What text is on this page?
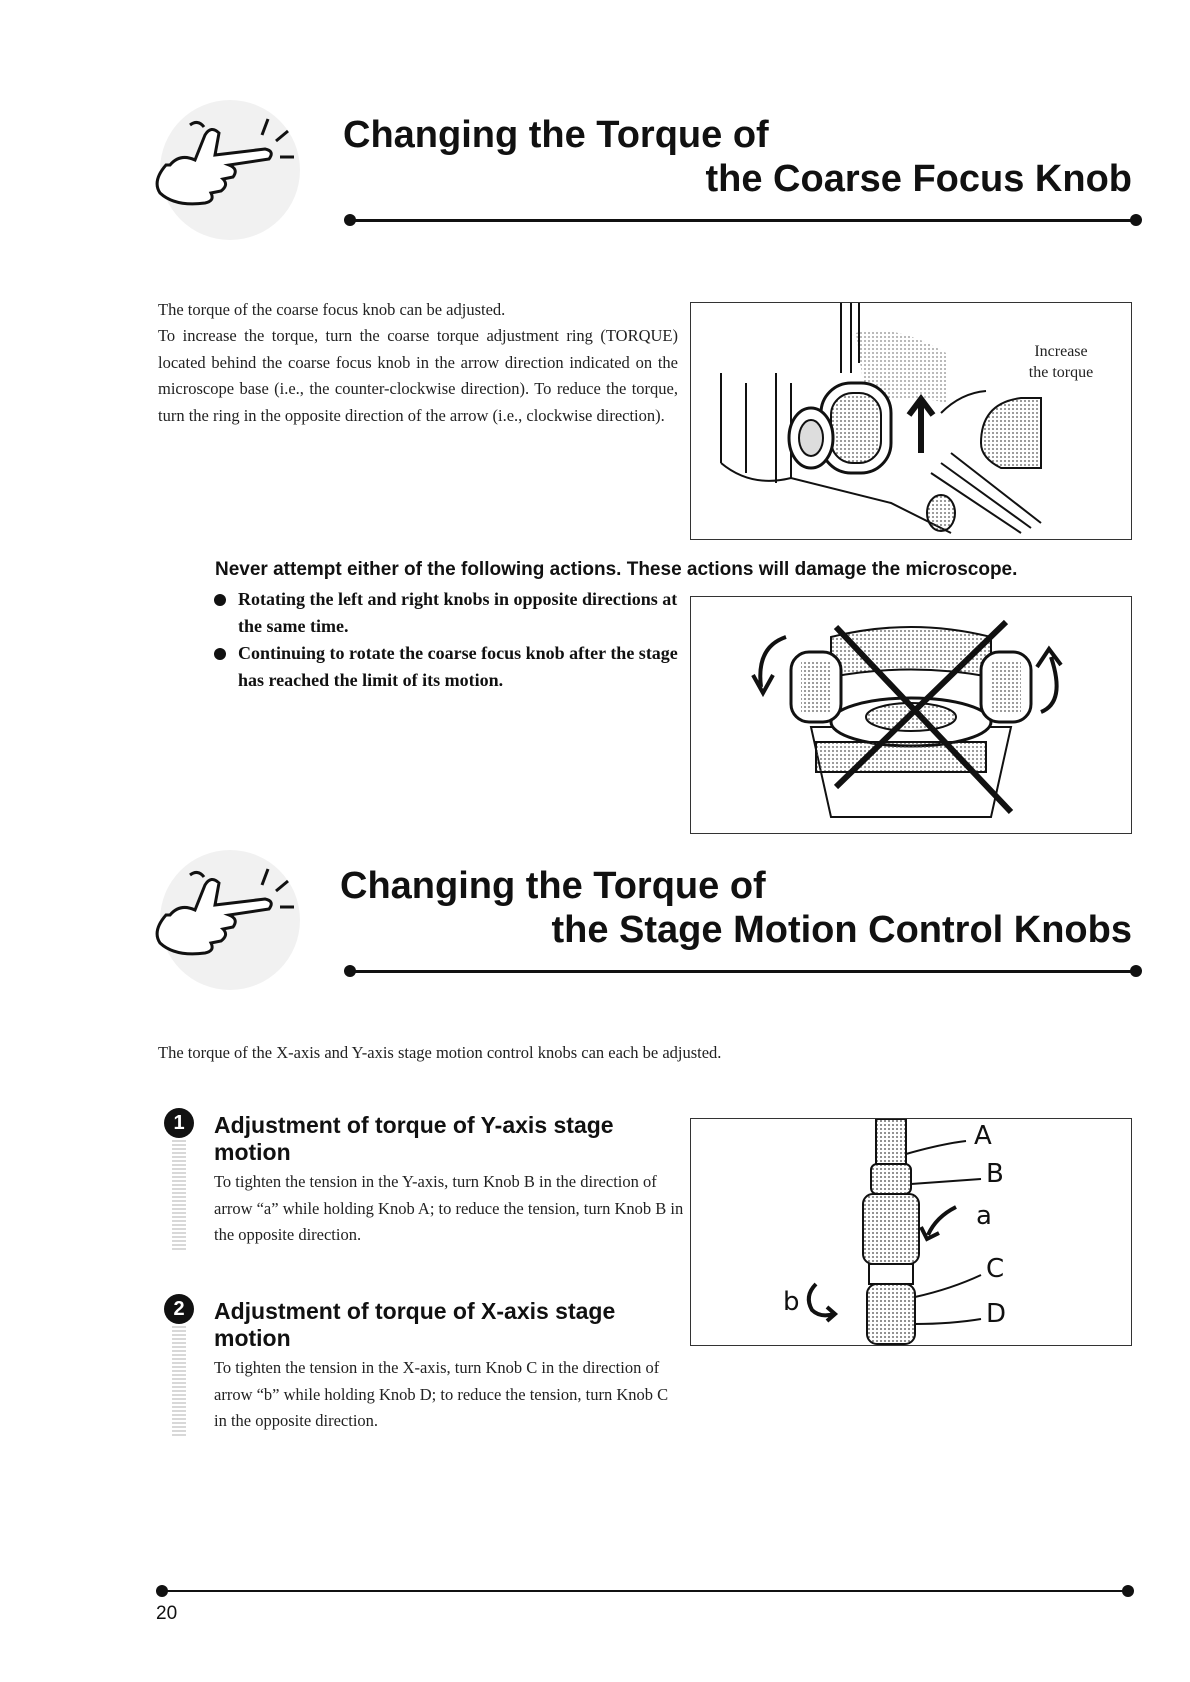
Changing the Torque of
the Coarse Focus Knob
The torque of the coarse focus knob can be adjusted.
To increase the torque, turn the coarse torque adjustment ring (TORQUE) located behind the coarse focus knob in the arrow direction indicated on the microscope base (i.e., the counter-clockwise direction). To reduce the torque, turn the ring in the opposite direction of the arrow (i.e., clockwise direction).
Increase
the torque
Never attempt either of the following actions. These actions will damage the microscope.
Rotating the left and right knobs in opposite directions at the same time.
Continuing to rotate the coarse focus knob after the stage has reached the limit of its motion.
Changing the Torque of
the Stage Motion Control Knobs
The torque of the X-axis and Y-axis stage motion control knobs can each be adjusted.
1	Adjustment of torque of Y-axis stage motion
To tighten the tension in the Y-axis, turn Knob B in the direction of arrow “a” while holding Knob A; to reduce the tension, turn Knob B in the opposite direction.
2	Adjustment of torque of X-axis stage motion
To tighten the tension in the X-axis, turn Knob C in the direction of arrow “b” while holding Knob D; to reduce the tension, turn Knob C in the opposite direction.
A
B
a
C
D
b
20
